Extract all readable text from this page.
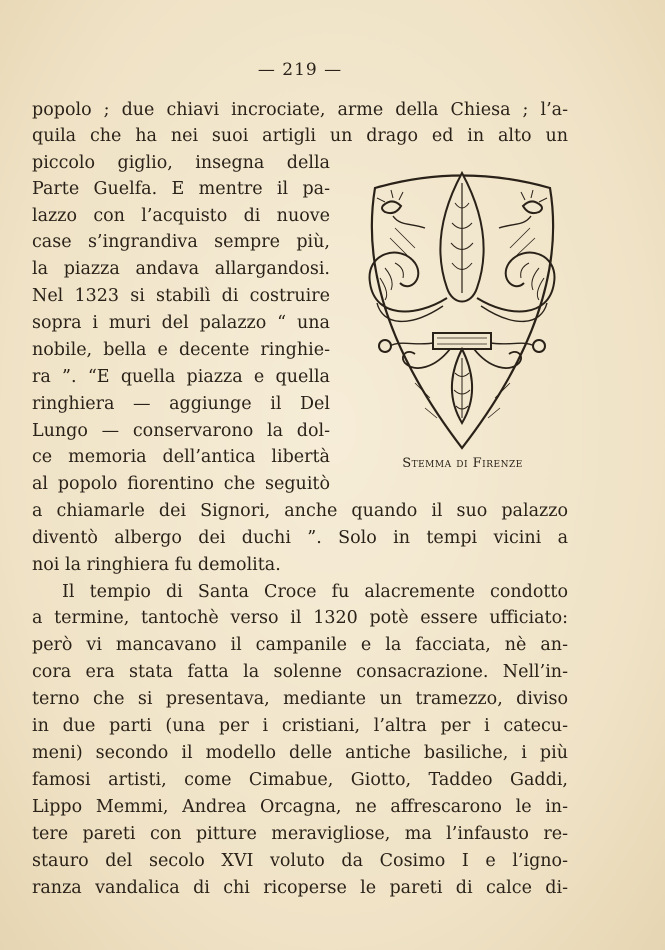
— 219 —
popolo ; due chiavi incrociate, arme della Chiesa ; l’a-
quila che ha nei suoi artigli un drago ed in alto un
piccolo giglio, insegna della
Parte Guelfa. E mentre il pa-
lazzo con l’acquisto di nuove
case s’ingrandiva sempre più,
la piazza andava allargandosi.
Nel 1323 si stabilì di costruire
sopra i muri del palazzo “ una
nobile, bella e decente ringhie-
ra ”. “E quella piazza e quella
ringhiera — aggiunge il Del
Lungo — conservarono la dol-
ce memoria dell’antica libertà
al popolo fiorentino che seguitò
a chiamarle dei Signori, anche quando il suo palazzo
diventò albergo dei duchi ”. Solo in tempi vicini a
noi la ringhiera fu demolita.
Il tempio di Santa Croce fu alacremente condotto
a termine, tantochè verso il 1320 potè essere ufficiato:
però vi mancavano il campanile e la facciata, nè an-
cora era stata fatta la solenne consacrazione. Nell’in-
terno che si presentava, mediante un tramezzo, diviso
in due parti (una per i cristiani, l’altra per i catecu-
meni) secondo il modello delle antiche basiliche, i più
famosi artisti, come Cimabue, Giotto, Taddeo Gaddi,
Lippo Memmi, Andrea Orcagna, ne affrescarono le in-
tere pareti con pitture meravigliose, ma l’infausto re-
stauro del secolo XVI voluto da Cosimo I e l’igno-
ranza vandalica di chi ricoperse le pareti di calce di-
Stemma di Firenze
